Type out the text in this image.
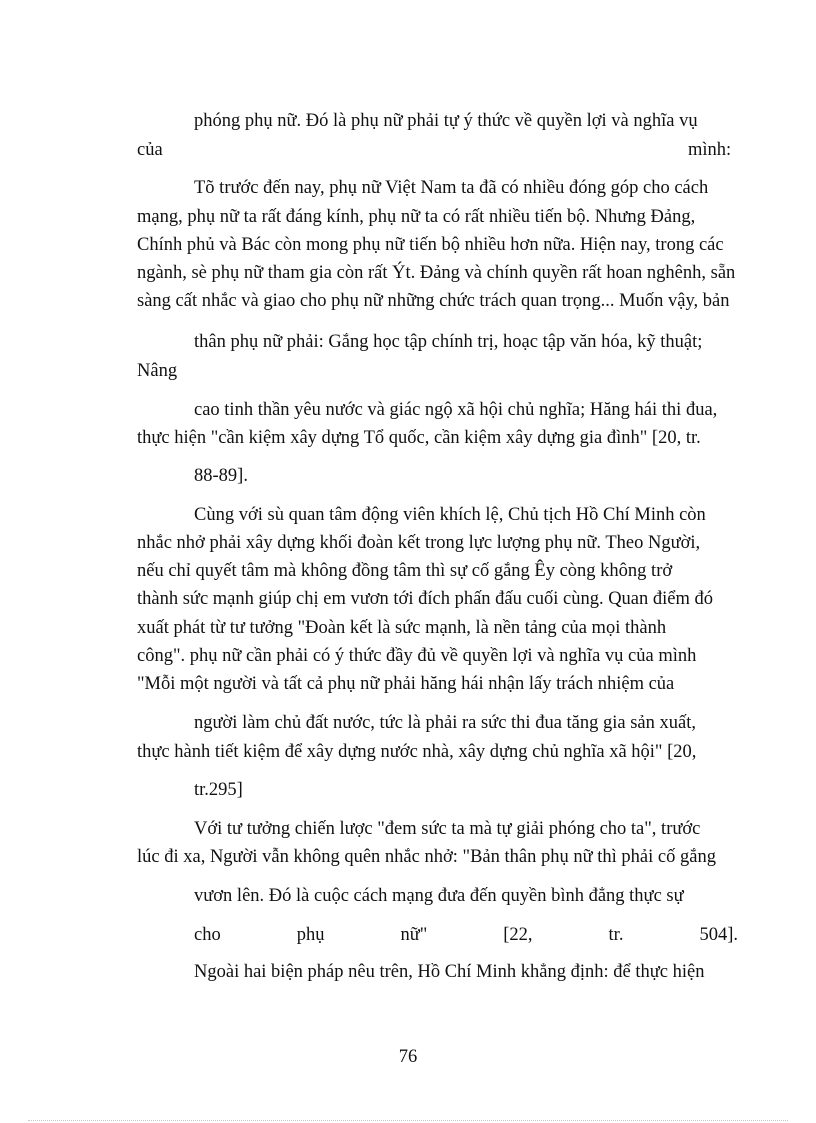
phóng phụ nữ. Đó là phụ nữ phải tự ý thức về quyền lợi và nghĩa vụ
của	mình:
Tõ trước đến nay, phụ nữ Việt Nam ta đã có nhiều đóng góp cho cách
mạng, phụ nữ ta rất đáng kính, phụ nữ ta có rất nhiều tiến bộ. Nhưng Đảng,
Chính phủ và Bác còn mong phụ nữ tiến bộ nhiều hơn nữa. Hiện nay, trong các
ngành, sè phụ nữ tham gia còn rất Ýt. Đảng và chính quyền rất hoan nghênh, sẵn
sàng cất nhắc và giao cho phụ nữ những chức trách quan trọng... Muốn vậy, bản
thân phụ nữ phải: Gắng học tập chính trị, hoạc tập văn hóa, kỹ thuật;
Nâng
cao tinh thần yêu nước và giác ngộ xã hội chủ nghĩa; Hăng hái thi đua,
thực hiện "cần kiệm xây dựng Tổ quốc, cần kiệm xây dựng gia đình" [20, tr.
88-89].
Cùng với sù quan tâm động viên khích lệ, Chủ tịch Hồ Chí Minh còn
nhắc nhở phải xây dựng khối đoàn kết trong lực lượng phụ nữ. Theo Người,
nếu chỉ quyết tâm mà không đồng tâm thì sự cố gắng Êy còng không trở
thành sức mạnh giúp chị em vươn tới đích phấn đấu cuối cùng. Quan điểm đó
xuất phát từ tư tưởng "Đoàn kết là sức mạnh, là nền tảng của mọi thành
công". phụ nữ cần phải có ý thức đầy đủ về quyền lợi và nghĩa vụ của mình
"Mỗi một người và tất cả phụ nữ phải hăng hái nhận lấy trách nhiệm của
người làm chủ đất nước, tức là phải ra sức thi đua tăng gia sản xuất,
thực hành tiết kiệm để xây dựng nước nhà, xây dựng chủ nghĩa xã hội" [20,
tr.295]
Với tư tưởng chiến lược "đem sức ta mà tự giải phóng cho ta", trước
lúc đi xa, Người vẫn không quên nhắc nhở: "Bản thân phụ nữ thì phải cố gắng
vươn lên. Đó là cuộc cách mạng đưa đến quyền bình đẳng thực sự
cho	phụ	nữ"	[22,	tr.	504].
Ngoài hai biện pháp nêu trên, Hồ Chí Minh khẳng định: để thực hiện
76
